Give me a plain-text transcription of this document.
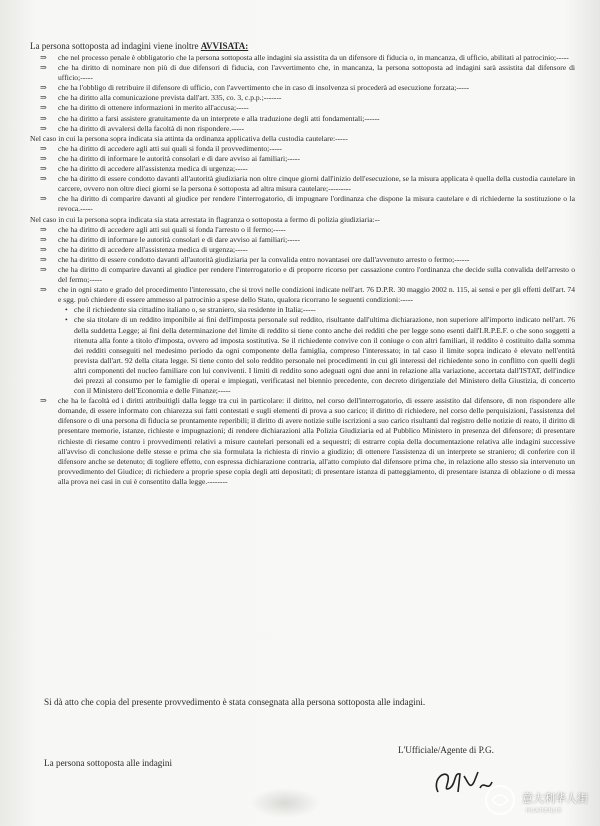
La persona sottoposta ad indagini viene inoltre AVVISATA:
⇒ che nel processo penale è obbligatorio che la persona sottoposta alle indagini sia assistita da un difensore di fiducia o, in mancanza, di ufficio, abilitati al patrocinio;-----
⇒ che ha diritto di nominare non più di due difensori di fiducia, con l'avvertimento che, in mancanza, la persona sottoposta ad indagini sarà assistita dal difensore di ufficio;-----
⇒ che ha l'obbligo di retribuire il difensore di ufficio, con l'avvertimento che in caso di insolvenza si procederà ad esecuzione forzata;-----
⇒ che ha diritto alla comunicazione prevista dall'art. 335, co. 3, c.p.p.;-------
⇒ che ha diritto di ottenere informazioni in merito all'accusa;-----
⇒ che ha diritto a farsi assistere gratuitamente da un interprete e alla traduzione degli atti fondamentali;------
⇒ che ha diritto di avvalersi della facoltà di non rispondere.-----
Nel caso in cui la persona sopra indicata sia attinta da ordinanza applicativa della custodia cautelare:-----
⇒ che ha diritto di accedere agli atti sui quali si fonda il provvedimento;-----
⇒ che ha diritto di informare le autorità consolari e di dare avviso ai familiari;-----
⇒ che ha diritto di accedere all'assistenza medica di urgenza;-----
⇒ che ha diritto di essere condotto davanti all'autorità giudiziaria non oltre cinque giorni dall'inizio dell'esecuzione, se la misura applicata è quella della custodia cautelare in carcere, ovvero non oltre dieci giorni se la persona è sottoposta ad altra misura cautelare;---------
⇒ che ha diritto di comparire davanti al giudice per rendere l'interrogatorio, di impugnare l'ordinanza che dispone la misura cautelare e di richiederne la sostituzione o la revoca.-----
Nel caso in cui la persona sopra indicata sia stata arrestata in flagranza o sottoposta a fermo di polizia giudiziaria:--
⇒ che ha diritto di accedere agli atti sui quali si fonda l'arresto o il fermo;-----
⇒ che ha diritto di informare le autorità consolari e di dare avviso ai familiari;-----
⇒ che ha diritto di accedere all'assistenza medica di urgenza;-----
⇒ che ha diritto di essere condotto davanti all'autorità giudiziaria per la convalida entro novantasei ore dall'avvenuto arresto o fermo;------
⇒ che ha diritto di comparire davanti al giudice per rendere l'interrogatorio e di proporre ricorso per cassazione contro l'ordinanza che decide sulla convalida dell'arresto o del fermo;-----
⇒ che in ogni stato e grado del procedimento l'interessato, che si trovi nelle condizioni indicate nell'art. 76 D.P.R. 30 maggio 2002 n. 115, ai sensi e per gli effetti dell'art. 74 e sgg. può chiedere di essere ammesso al patrocinio a spese dello Stato, qualora ricorrano le seguenti condizioni:-----
• che il richiedente sia cittadino italiano o, se straniero, sia residente in Italia;-----
• che sia titolare di un reddito imponibile ai fini dell'imposta personale sul reddito, risultante dall'ultima dichiarazione, non superiore all'importo indicato nell'art. 76 della suddetta Legge; ai fini della determinazione del limite di reddito si tiene conto anche dei redditi che per legge sono esenti dall'I.R.P.E.F. o che sono soggetti a ritenuta alla fonte a titolo d'imposta, ovvero ad imposta sostitutiva. Se il richiedente convive con il coniuge o con altri familiari, il reddito è costituito dalla somma dei redditi conseguiti nel medesimo periodo da ogni componente della famiglia, compreso l'interessato; in tal caso il limite sopra indicato è elevato nell'entità prevista dall'art. 92 della citata legge. Si tiene conto del solo reddito personale nei procedimenti in cui gli interessi del richiedente sono in conflitto con quelli degli altri componenti del nucleo familiare con lui conviventi. I limiti di reddito sono adeguati ogni due anni in relazione alla variazione, accertata dall'ISTAT, dell'indice dei prezzi al consumo per le famiglie di operai e impiegati, verificatasi nel biennio precedente, con decreto dirigenziale del Ministero della Giustizia, di concerto con il Ministero dell'Economia e delle Finanze;-----
⇒ che ha le facoltà ed i diritti attribuitigli dalla legge tra cui in particolare: il diritto, nel corso dell'interrogatorio, di essere assistito dal difensore, di non rispondere alle domande, di essere informato con chiarezza sui fatti contestati e sugli elementi di prova a suo carico; il diritto di richiedere, nel corso delle perquisizioni, l'assistenza del difensore o di una persona di fiducia se prontamente reperibili; il diritto di avere notizie sulle iscrizioni a suo carico risultanti dal registro delle notizie di reato, il diritto di presentare memorie, istanze, richieste e impugnazioni; di rendere dichiarazioni alla Polizia Giudiziaria ed al Pubblico Ministero in presenza del difensore; di presentare richieste di riesame contro i provvedimenti relativi a misure cautelari personali ed a sequestri; di estrarre copia della documentazione relativa alle indagini successive all'avviso di conclusione delle stesse e prima che sia formulata la richiesta di rinvio a giudizio; di ottenere l'assistenza di un interprete se straniero; di conferire con il difensore anche se detenuto; di togliere effetto, con espressa dichiarazione contraria, all'atto compiuto dal difensore prima che, in relazione allo stesso sia intervenuto un provvedimento del Giudice; di richiedere a proprie spese copia degli atti depositati; di presentare istanza di patteggiamento, di presentare istanza di oblazione o di messa alla prova nei casi in cui è consentito dalla legge.--------
Si dà atto che copia del presente provvedimento è stata consegnata alla persona sottoposta alle indagini.
La persona sottoposta alle indagini
L'Ufficiale/Agente di P.G.
意大利华人街
HUARENJIE
